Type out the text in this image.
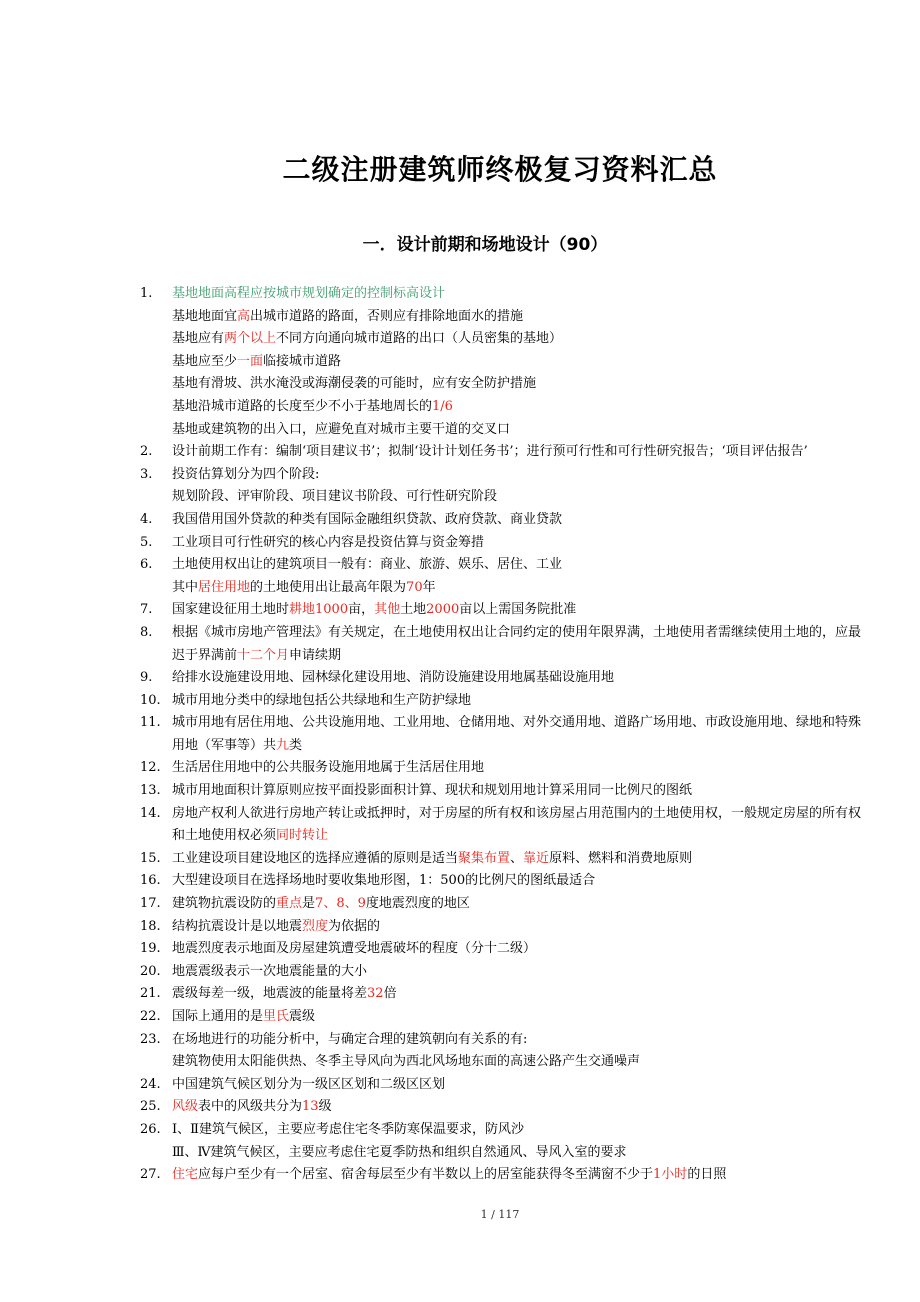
二级注册建筑师终极复习资料汇总
一．设计前期和场地设计（90）
1.	基地地面高程应按城市规划确定的控制标高设计
基地地面宜高出城市道路的路面，否则应有排除地面水的措施
基地应有两个以上不同方向通向城市道路的出口（人员密集的基地）
基地应至少一面临接城市道路
基地有滑坡、洪水淹没或海潮侵袭的可能时，应有安全防护措施
基地沿城市道路的长度至少不小于基地周长的1/6
基地或建筑物的出入口，应避免直对城市主要干道的交叉口
2.	设计前期工作有：编制‘项目建议书’；拟制‘设计计划任务书’；进行预可行性和可行性研究报告；‘项目评估报告’
3.	投资估算划分为四个阶段:
规划阶段、评审阶段、项目建议书阶段、可行性研究阶段
4.	我国借用国外贷款的种类有国际金融组织贷款、政府贷款、商业贷款
5.	工业项目可行性研究的核心内容是投资估算与资金筹措
6.	土地使用权出让的建筑项目一般有：商业、旅游、娱乐、居住、工业
其中居住用地的土地使用出让最高年限为70年
7.	国家建设征用土地时耕地1000亩，其他土地2000亩以上需国务院批准
8.	根据《城市房地产管理法》有关规定，在土地使用权出让合同约定的使用年限界满，土地使用者需继续使用土地的，应最迟于界满前十二个月申请续期
9.	给排水设施建设用地、园林绿化建设用地、消防设施建设用地属基础设施用地
10. 城市用地分类中的绿地包括公共绿地和生产防护绿地
11. 城市用地有居住用地、公共设施用地、工业用地、仓储用地、对外交通用地、道路广场用地、市政设施用地、绿地和特殊用地（军事等）共九类
12. 生活居住用地中的公共服务设施用地属于生活居住用地
13. 城市用地面积计算原则应按平面投影面积计算、现状和规划用地计算采用同一比例尺的图纸
14. 房地产权利人欲进行房地产转让或抵押时，对于房屋的所有权和该房屋占用范围内的土地使用权，一般规定房屋的所有权和土地使用权必须同时转让
15. 工业建设项目建设地区的选择应遵循的原则是适当聚集布置、靠近原料、燃料和消费地原则
16. 大型建设项目在选择场地时要收集地形图，1：500的比例尺的图纸最适合
17. 建筑物抗震设防的重点是7、8、9度地震烈度的地区
18. 结构抗震设计是以地震烈度为依据的
19. 地震烈度表示地面及房屋建筑遭受地震破坏的程度（分十二级）
20. 地震震级表示一次地震能量的大小
21. 震级每差一级，地震波的能量将差32倍
22. 国际上通用的是里氏震级
23. 在场地进行的功能分析中，与确定合理的建筑朝向有关系的有:
建筑物使用太阳能供热、冬季主导风向为西北风场地东面的高速公路产生交通噪声
24. 中国建筑气候区划分为一级区区划和二级区区划
25. 风级表中的风级共分为13级
26. Ⅰ、Ⅱ建筑气候区，主要应考虑住宅冬季防寒保温要求，防风沙
Ⅲ、Ⅳ建筑气候区，主要应考虑住宅夏季防热和组织自然通风、导风入室的要求
27. 住宅应每户至少有一个居室、宿舍每层至少有半数以上的居室能获得冬至满窗不少于1小时的日照
1 / 117
